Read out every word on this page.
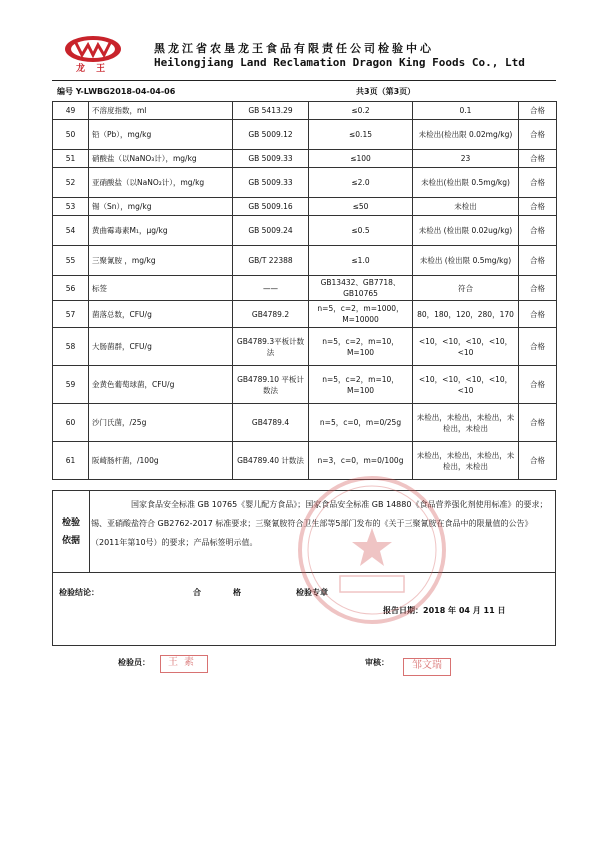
龙 王
黑龙江省农垦龙王食品有限责任公司检验中心
Heilongjiang Land Reclamation Dragon King Foods Co., Ltd
编号 Y-LWBG2018-04-04-06	共3页（第3页）
49	不溶度指数，ml	GB 5413.29	≤0.2	0.1	合格
50	铅（Pb），mg/kg	GB 5009.12	≤0.15	未检出(检出限 0.02mg/kg)	合格
51	硝酸盐（以NaNO₃计），mg/kg	GB 5009.33	≤100	23	合格
52	亚硝酸盐（以NaNO₂计），mg/kg	GB 5009.33	≤2.0	未检出(检出限 0.5mg/kg)	合格
53	锡（Sn），mg/kg	GB 5009.16	≤50	未检出	合格
54	黄曲霉毒素M₁，μg/kg	GB 5009.24	≤0.5	未检出 (检出限 0.02ug/kg)	合格
55	三聚氰胺 ，mg/kg	GB/T 22388	≤1.0	未检出 (检出限 0.5mg/kg)	合格
56	标签	——	GB13432、GB7718、GB10765	符合	合格
57	菌落总数，CFU/g	GB4789.2	n=5，c=2，m=1000，M=10000	80，180，120，280，170	合格
58	大肠菌群，CFU/g	GB4789.3平板计数法	n=5，c=2，m=10，M=100	<10，<10，<10，<10，<10	合格
59	金黄色葡萄球菌，CFU/g	GB4789.10 平板计数法	n=5，c=2，m=10，M=100	<10，<10，<10，<10，<10	合格
60	沙门氏菌，/25g	GB4789.4	n=5，c=0，m=0/25g	未检出，未检出，未检出，未检出，未检出	合格
61	阪崎肠杆菌，/100g	GB4789.40 计数法	n=3，c=0，m=0/100g	未检出，未检出，未检出，未检出，未检出	合格
检验依据
国家食品安全标准 GB 10765《婴儿配方食品》；国家食品安全标准 GB 14880《食品营养强化剂使用标准》的要求；锡、亚硝酸盐符合 GB2762-2017 标准要求；三聚氰胺符合卫生部等5部门发布的《关于三聚氰胺在食品中的限量值的公告》（2011年第10号）的要求；产品标签明示值。
检验结论：	合	格	检验专章
报告日期：2018 年 04 月 11 日
检验员：	王素	审核：	邹文瑞
